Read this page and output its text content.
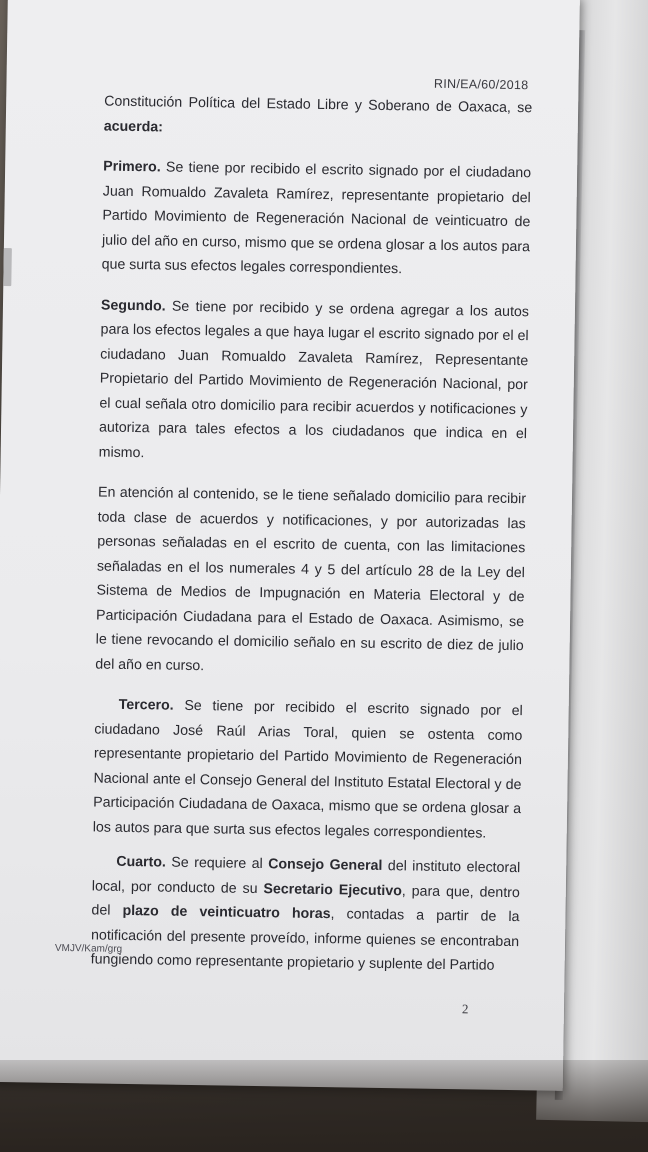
RIN/EA/60/2018

Constitución Política del Estado Libre y Soberano de Oaxaca, se acuerda:

Primero. Se tiene por recibido el escrito signado por el ciudadano Juan Romualdo Zavaleta Ramírez, representante propietario del Partido Movimiento de Regeneración Nacional de veinticuatro de julio del año en curso, mismo que se ordena glosar a los autos para que surta sus efectos legales correspondientes.

Segundo. Se tiene por recibido y se ordena agregar a los autos para los efectos legales a que haya lugar el escrito signado por el el ciudadano Juan Romualdo Zavaleta Ramírez, Representante Propietario del Partido Movimiento de Regeneración Nacional, por el cual señala otro domicilio para recibir acuerdos y notificaciones y autoriza para tales efectos a los ciudadanos que indica en el mismo.

En atención al contenido, se le tiene señalado domicilio para recibir toda clase de acuerdos y notificaciones, y por autorizadas las personas señaladas en el escrito de cuenta, con las limitaciones señaladas en el los numerales 4 y 5 del artículo 28 de la Ley del Sistema de Medios de Impugnación en Materia Electoral y de Participación Ciudadana para el Estado de Oaxaca. Asimismo, se le tiene revocando el domicilio señalo en su escrito de diez de julio del año en curso.

Tercero. Se tiene por recibido el escrito signado por el ciudadano José Raúl Arias Toral, quien se ostenta como representante propietario del Partido Movimiento de Regeneración Nacional ante el Consejo General del Instituto Estatal Electoral y de Participación Ciudadana de Oaxaca, mismo que se ordena glosar a los autos para que surta sus efectos legales correspondientes.

Cuarto. Se requiere al Consejo General del instituto electoral local, por conducto de su Secretario Ejecutivo, para que, dentro del plazo de veinticuatro horas, contadas a partir de la notificación del presente proveído, informe quienes se encontraban fungiendo como representante propietario y suplente del Partido

VMJV/Kam/grg
2
